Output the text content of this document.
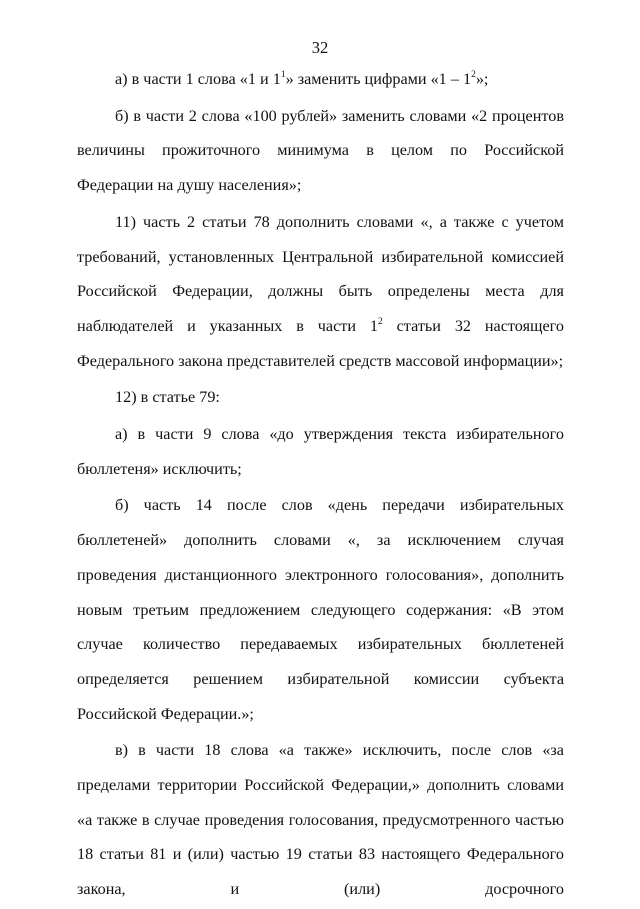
32

а) в части 1 слова «1 и $1^1$» заменить цифрами «$1 - 1^2$»;

б) в части 2 слова «100 рублей» заменить словами «2 процентов величины прожиточного минимума в целом по Российской Федерации на душу населения»;

11) часть 2 статьи 78 дополнить словами «, а также с учетом требований, установленных Центральной избирательной комиссией Российской Федерации, должны быть определены места для наблюдателей и указанных в части $1^2$ статьи 32 настоящего Федерального закона представителей средств массовой информации»;

12) в статье 79:

а) в части 9 слова «до утверждения текста избирательного бюллетеня» исключить;

б) часть 14 после слов «день передачи избирательных бюллетеней» дополнить словами «, за исключением случая проведения дистанционного электронного голосования», дополнить новым третьим предложением следующего содержания: «В этом случае количество передаваемых избирательных бюллетеней определяется решением избирательной комиссии субъекта Российской Федерации.»;

в) в части 18 слова «а также» исключить, после слов «за пределами территории Российской Федерации,» дополнить словами «а также в случае проведения голосования, предусмотренного частью 18 статьи 81 и (или) частью 19 статьи 83 настоящего Федерального закона, и (или) досрочного
